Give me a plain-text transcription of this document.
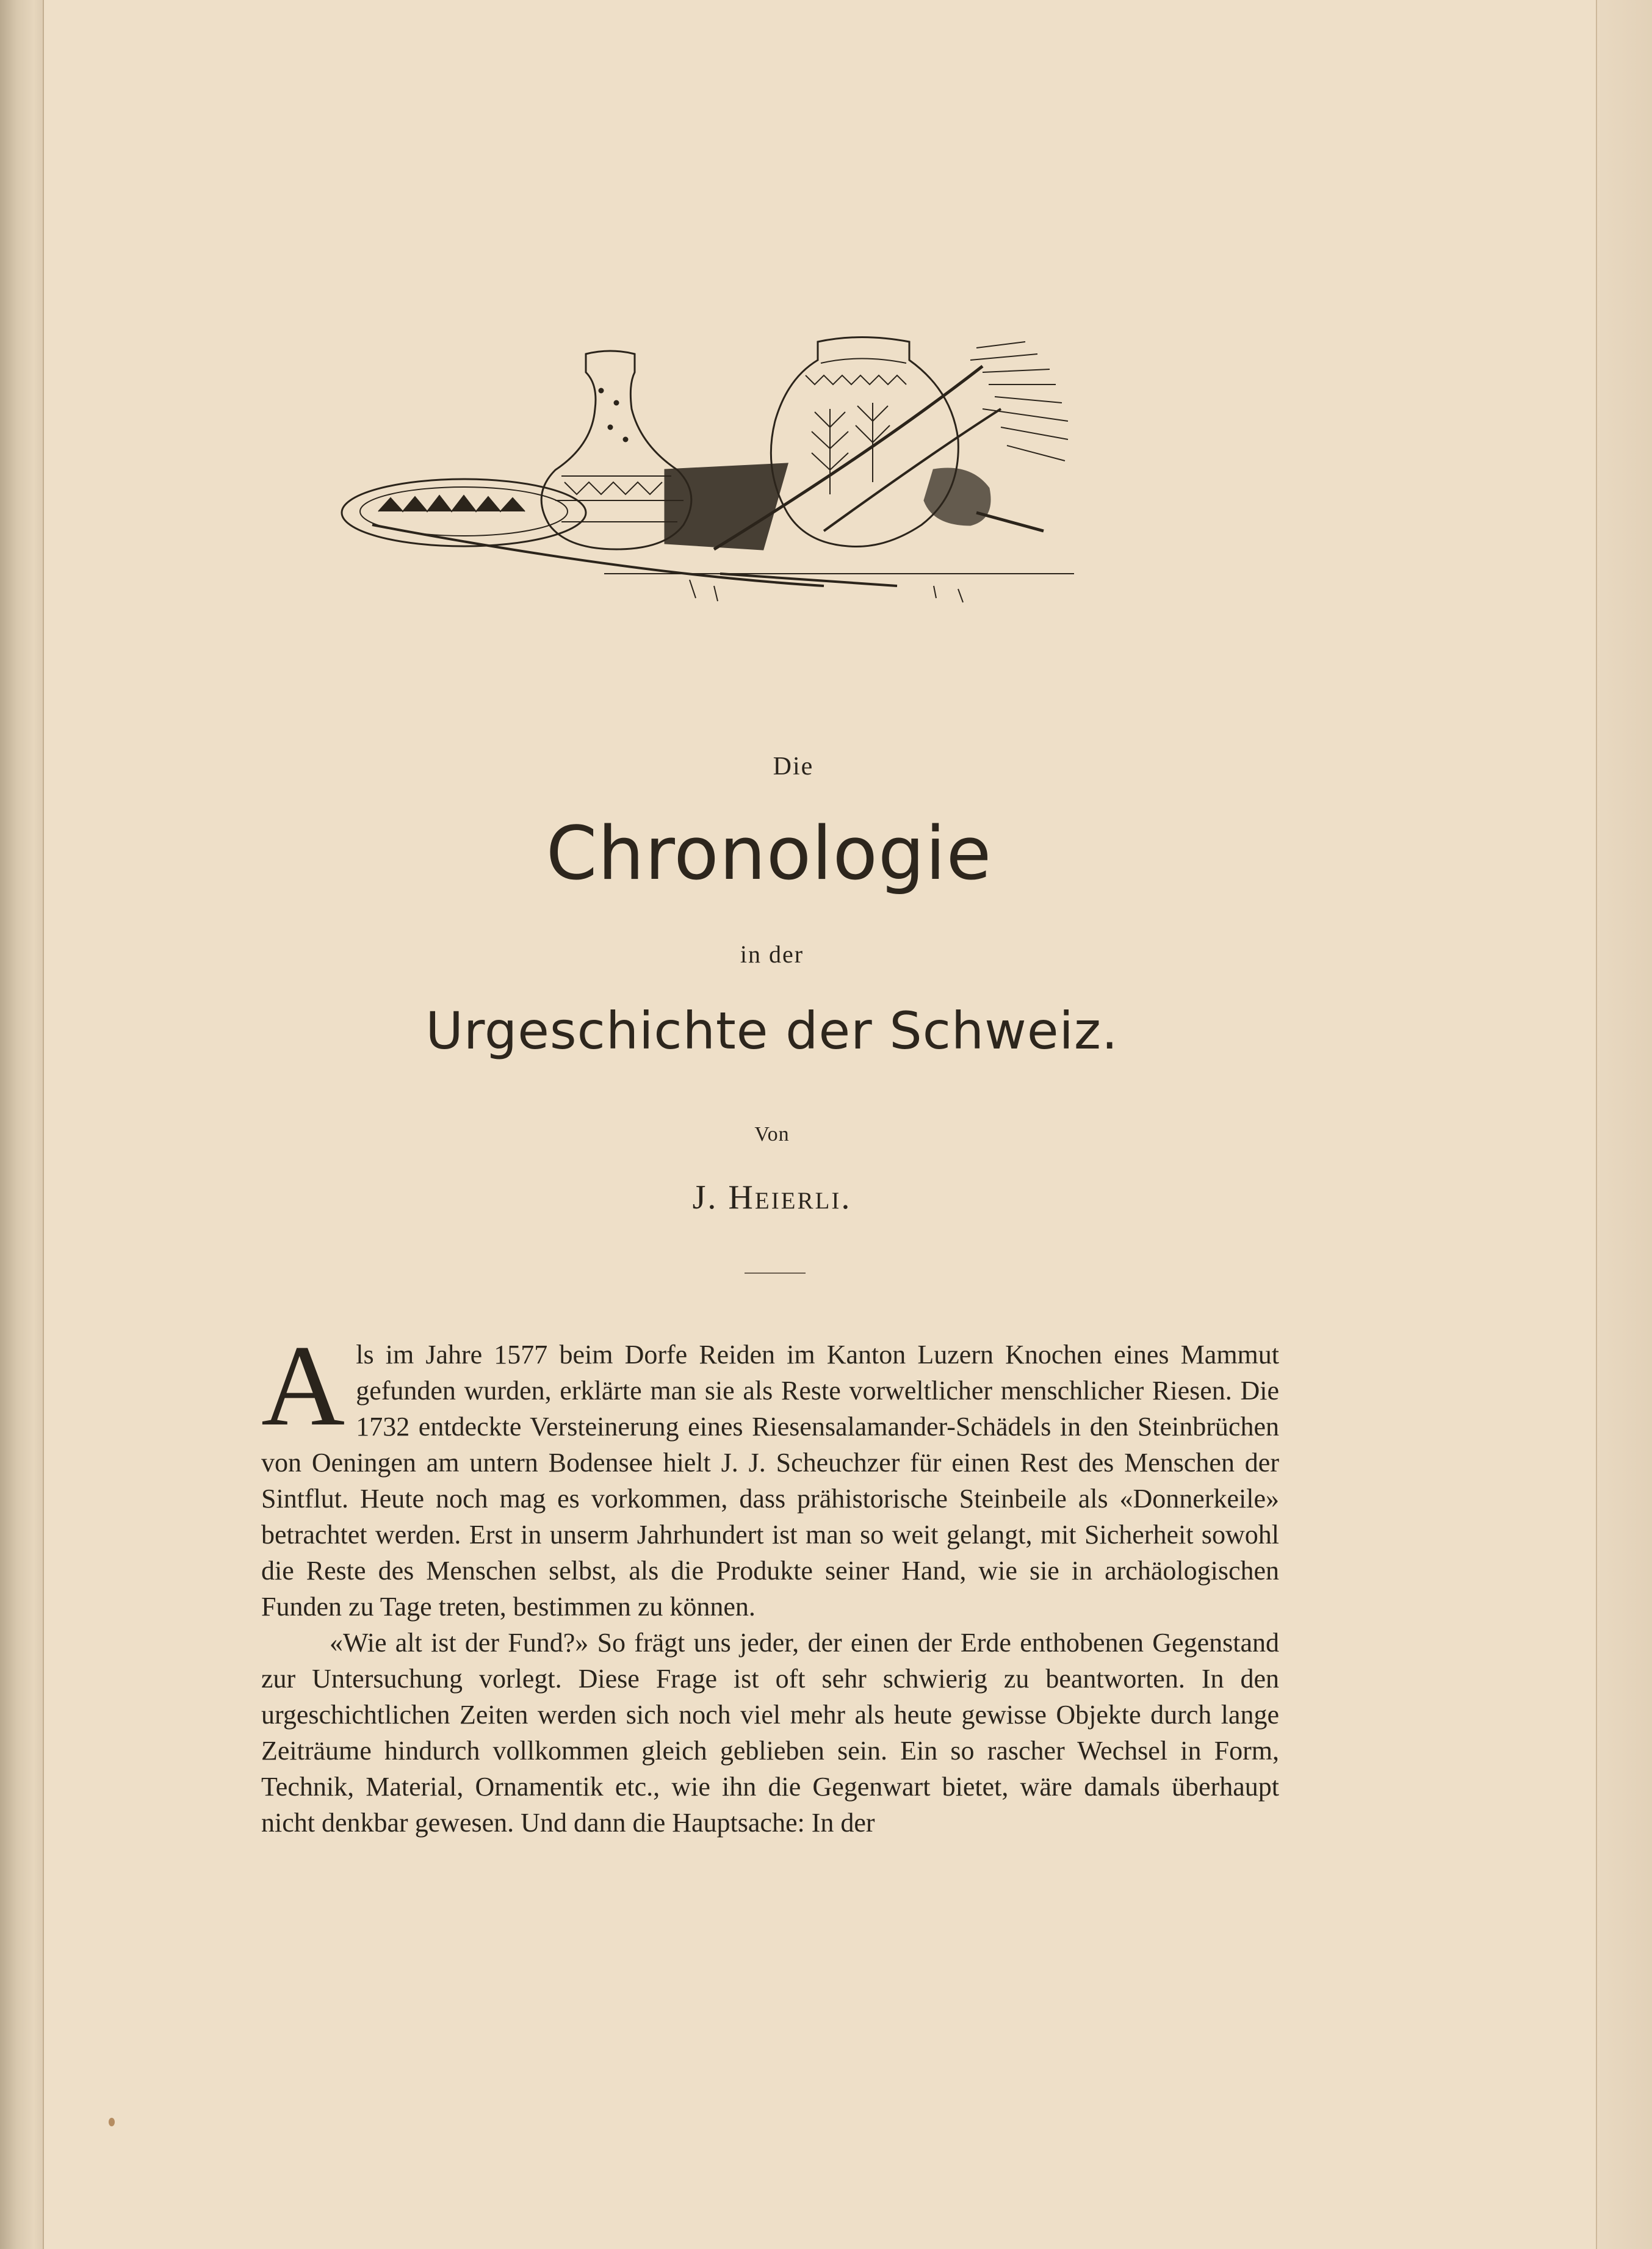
Die
Chronologie
in der
Urgeschichte der Schweiz.
Von
J. Heierli.

Als im Jahre 1577 beim Dorfe Reiden im Kanton Luzern Knochen eines Mammut gefunden wurden, erklärte man sie als Reste vorweltlicher menschlicher Riesen. Die 1732 entdeckte Versteinerung eines Riesensalamander-Schädels in den Steinbrüchen von Oeningen am untern Bodensee hielt J. J. Scheuchzer für einen Rest des Menschen der Sintflut. Heute noch mag es vorkommen, dass prähistorische Steinbeile als «Donnerkeile» betrachtet werden. Erst in unserm Jahrhundert ist man so weit gelangt, mit Sicherheit sowohl die Reste des Menschen selbst, als die Produkte seiner Hand, wie sie in archäologischen Funden zu Tage treten, bestimmen zu können.

«Wie alt ist der Fund?» So frägt uns jeder, der einen der Erde enthobenen Gegenstand zur Untersuchung vorlegt. Diese Frage ist oft sehr schwierig zu beantworten. In den urgeschichtlichen Zeiten werden sich noch viel mehr als heute gewisse Objekte durch lange Zeiträume hindurch vollkommen gleich geblieben sein. Ein so rascher Wechsel in Form, Technik, Material, Ornamentik etc., wie ihn die Gegenwart bietet, wäre damals überhaupt nicht denkbar gewesen. Und dann die Hauptsache: In der
